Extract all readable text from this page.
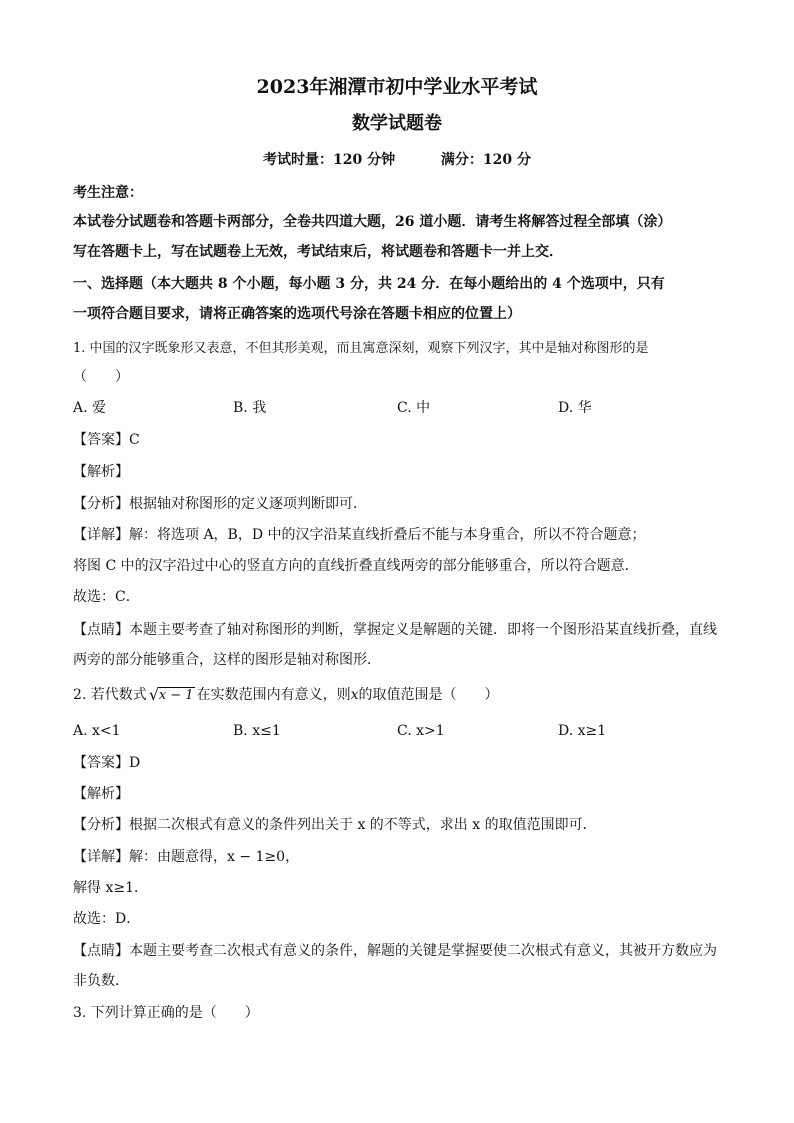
2023年湘潭市初中学业水平考试
数学试题卷
考试时量：120 分钟	满分：120 分
考生注意：
本试卷分试题卷和答题卡两部分，全卷共四道大题，26 道小题．请考生将解答过程全部填（涂）
写在答题卡上，写在试题卷上无效，考试结束后，将试题卷和答题卡一并上交．
一、选择题（本大题共 8 个小题，每小题 3 分，共 24 分．在每小题给出的 4 个选项中，只有
一项符合题目要求，请将正确答案的选项代号涂在答题卡相应的位置上）
1. 中国的汉字既象形又表意，不但其形美观，而且寓意深刻，观察下列汉字，其中是轴对称图形的是
（　　）
A. 爱	B. 我	C. 中	D. 华
【答案】C
【解析】
【分析】根据轴对称图形的定义逐项判断即可．
【详解】解：将选项 A，B，D 中的汉字沿某直线折叠后不能与本身重合，所以不符合题意；
将图 C 中的汉字沿过中心的竖直方向的直线折叠直线两旁的部分能够重合，所以符合题意．
故选：C．
【点睛】本题主要考查了轴对称图形的判断，掌握定义是解题的关键．即将一个图形沿某直线折叠，直线
两旁的部分能够重合，这样的图形是轴对称图形．
2. 若代数式 √ x − 1 在实数范围内有意义，则x的取值范围是（　　）
A. x<1	B. x≤1	C. x>1	D. x≥1
【答案】D
【解析】
【分析】根据二次根式有意义的条件列出关于 x 的不等式，求出 x 的取值范围即可．
【详解】解：由题意得，x − 1≥0，
解得 x≥1．
故选：D．
【点睛】本题主要考查二次根式有意义的条件，解题的关键是掌握要使二次根式有意义，其被开方数应为
非负数．
3. 下列计算正确的是（　　）
